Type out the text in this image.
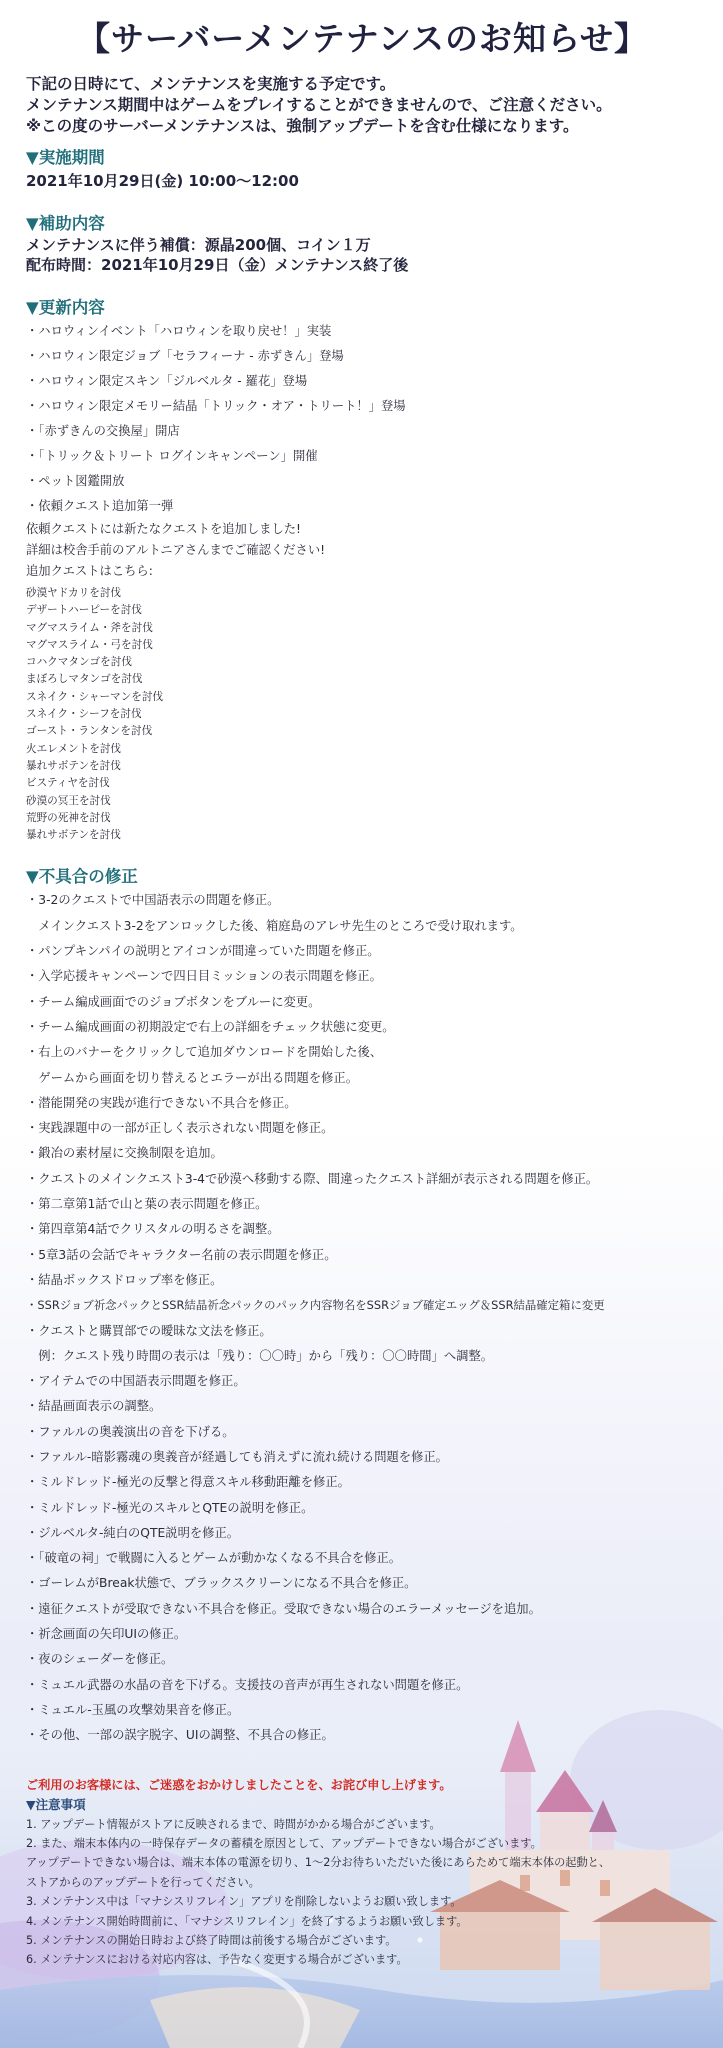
【サーバーメンテナンスのお知らせ】
下記の日時にて、メンテナンスを実施する予定です。
メンテナンス期間中はゲームをプレイすることができませんので、ご注意ください。
※この度のサーバーメンテナンスは、強制アップデートを含む仕様になります。
▼実施期間
2021年10月29日(金) 10:00～12:00
▼補助内容
メンテナンスに伴う補償：源晶200個、コイン１万
配布時間：2021年10月29日（金）メンテナンス終了後
▼更新内容
・ハロウィンイベント「ハロウィンを取り戻せ！」実装
・ハロウィン限定ジョブ「セラフィーナ - 赤ずきん」登場
・ハロウィン限定スキン「ジルベルタ - 羅花」登場
・ハロウィン限定メモリー結晶「トリック・オア・トリート！」登場
・「赤ずきんの交換屋」開店
・「トリック＆トリート ログインキャンペーン」開催
・ペット図鑑開放
・依頼クエスト追加第一弾
依頼クエストには新たなクエストを追加しました!
詳細は校舎手前のアルトニアさんまでご確認ください!
追加クエストはこちら:
砂漠ヤドカリを討伐
デザートハーピーを討伐
マグマスライム・斧を討伐
マグマスライム・弓を討伐
コハクマタンゴを討伐
まぼろしマタンゴを討伐
スネイク・シャーマンを討伐
スネイク・シーフを討伐
ゴースト・ランタンを討伐
火エレメントを討伐
暴れサボテンを討伐
ビスティヤを討伐
砂漠の冥王を討伐
荒野の死神を討伐
暴れサボテンを討伐
▼不具合の修正
・3-2のクエストで中国語表示の問題を修正。
　メインクエスト3-2をアンロックした後、箱庭島のアレサ先生のところで受け取れます。
・パンプキンパイの説明とアイコンが間違っていた問題を修正。
・入学応援キャンペーンで四日目ミッションの表示問題を修正。
・チーム編成画面でのジョブボタンをブルーに変更。
・チーム編成画面の初期設定で右上の詳細をチェック状態に変更。
・右上のバナーをクリックして追加ダウンロードを開始した後、
　ゲームから画面を切り替えるとエラーが出る問題を修正。
・潜能開発の実践が進行できない不具合を修正。
・実践課題中の一部が正しく表示されない問題を修正。
・鍛冶の素材屋に交換制限を追加。
・クエストのメインクエスト3-4で砂漠へ移動する際、間違ったクエスト詳細が表示される問題を修正。
・第二章第1話で山と葉の表示問題を修正。
・第四章第4話でクリスタルの明るさを調整。
・5章3話の会話でキャラクター名前の表示問題を修正。
・結晶ボックスドロップ率を修正。
・SSRジョブ祈念パックとSSR結晶祈念パックのパック内容物名をSSRジョブ確定エッグ＆SSR結晶確定箱に変更
・クエストと購買部での曖昧な文法を修正。
　例：クエスト残り時間の表示は「残り：〇〇時」から「残り：〇〇時間」へ調整。
・アイテムでの中国語表示問題を修正。
・結晶画面表示の調整。
・ファルルの奥義演出の音を下げる。
・ファルル-暗影霧魂の奥義音が経過しても消えずに流れ続ける問題を修正。
・ミルドレッド-極光の反撃と得意スキル移動距離を修正。
・ミルドレッド-極光のスキルとQTEの説明を修正。
・ジルベルタ-純白のQTE説明を修正。
・「破竜の祠」で戦闘に入るとゲームが動かなくなる不具合を修正。
・ゴーレムがBreak状態で、ブラックスクリーンになる不具合を修正。
・遠征クエストが受取できない不具合を修正。受取できない場合のエラーメッセージを追加。
・祈念画面の矢印UIの修正。
・夜のシェーダーを修正。
・ミュエル武器の水晶の音を下げる。支援技の音声が再生されない問題を修正。
・ミュエル-玉風の攻撃効果音を修正。
・その他、一部の誤字脱字、UIの調整、不具合の修正。
ご利用のお客様には、ご迷惑をおかけしましたことを、お詫び申し上げます。
▼注意事項
1. アップデート情報がストアに反映されるまで、時間がかかる場合がございます。
2. また、端末本体内の一時保存データの蓄積を原因として、アップデートできない場合がございます。
アップデートできない場合は、端末本体の電源を切り、1～2分お待ちいただいた後にあらためて端末本体の起動と、
ストアからのアップデートを行ってください。
3. メンテナンス中は「マナシスリフレイン」アプリを削除しないようお願い致します。
4. メンテナンス開始時間前に、「マナシスリフレイン」を終了するようお願い致します。
5. メンテナンスの開始日時および終了時間は前後する場合がございます。
6. メンテナンスにおける対応内容は、予告なく変更する場合がございます。
